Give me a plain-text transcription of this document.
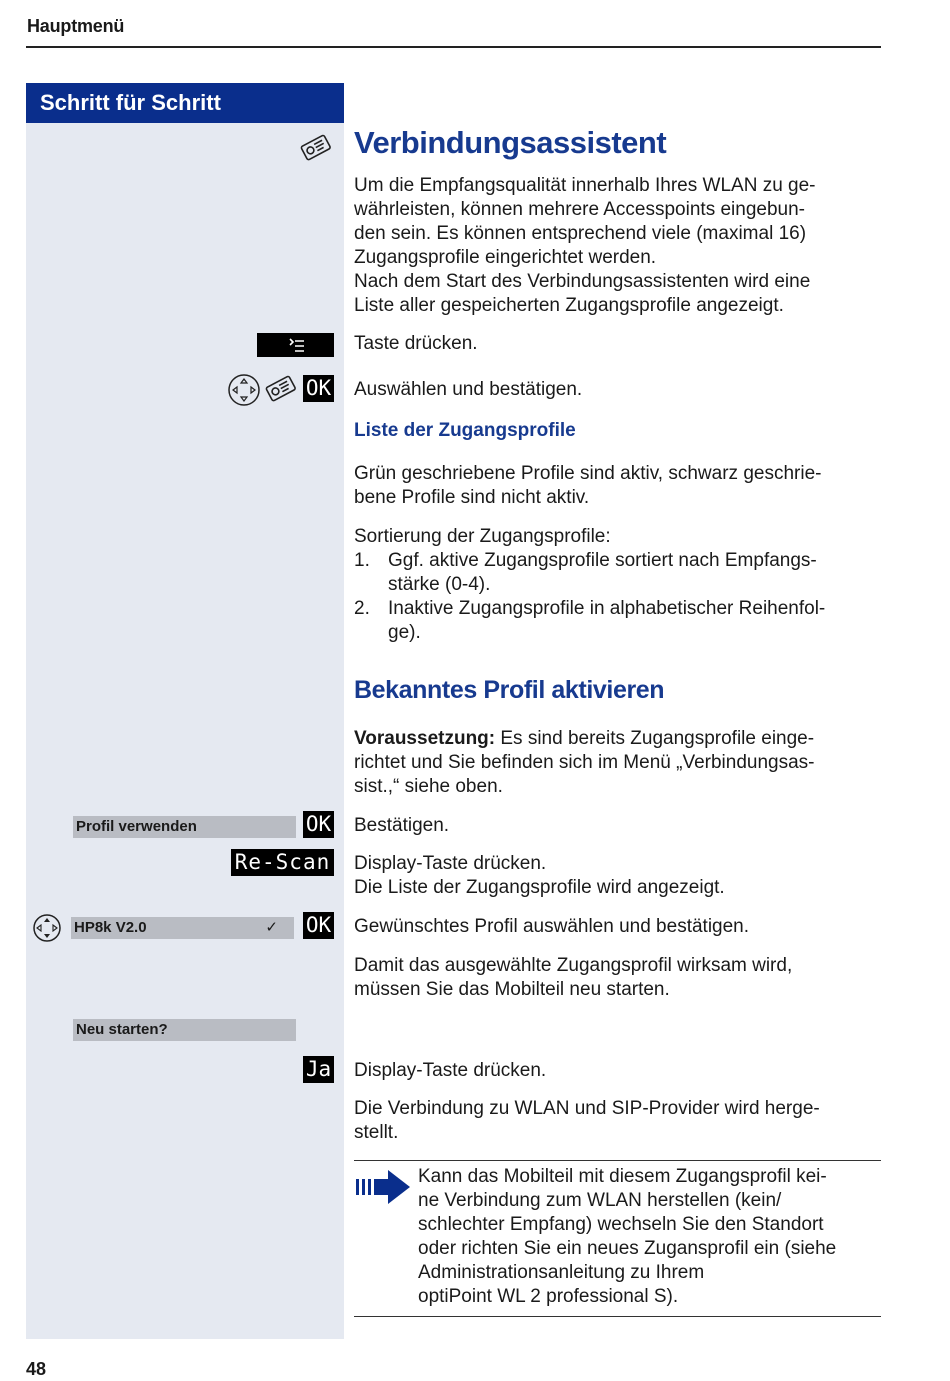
Hauptmenü
Schritt für Schritt
Verbindungsassistent
Um die Empfangsqualität innerhalb Ihres WLAN zu ge-
währleisten, können mehrere Accesspoints eingebun-
den sein. Es können entsprechend viele (maximal 16)
Zugangsprofile eingerichtet werden.
Nach dem Start des Verbindungsassistenten wird eine
Liste aller gespeicherten Zugangsprofile angezeigt.
Taste drücken.
OK Auswählen und bestätigen.
Liste der Zugangsprofile
Grün geschriebene Profile sind aktiv, schwarz geschrie-
bene Profile sind nicht aktiv.
Sortierung der Zugangsprofile:
1. Ggf. aktive Zugangsprofile sortiert nach Empfangs-
stärke (0-4).
2. Inaktive Zugangsprofile in alphabetischer Reihenfol-
ge).
Bekanntes Profil aktivieren
Voraussetzung: Es sind bereits Zugangsprofile einge-
richtet und Sie befinden sich im Menü „Verbindungsas-
sist.,“ siehe oben.
Profil verwenden	OK Bestätigen.
Re-Scan Display-Taste drücken.
Die Liste der Zugangsprofile wird angezeigt.
HP8k V2.0	✓ OK Gewünschtes Profil auswählen und bestätigen.
Damit das ausgewählte Zugangsprofil wirksam wird,
müssen Sie das Mobilteil neu starten.
Neu starten?
Ja Display-Taste drücken.
Die Verbindung zu WLAN und SIP-Provider wird herge-
stellt.
Kann das Mobilteil mit diesem Zugangsprofil kei-
ne Verbindung zum WLAN herstellen (kein/
schlechter Empfang) wechseln Sie den Standort
oder richten Sie ein neues Zugansprofil ein (siehe
Administrationsanleitung zu Ihrem
optiPoint WL 2 professional S).
48
